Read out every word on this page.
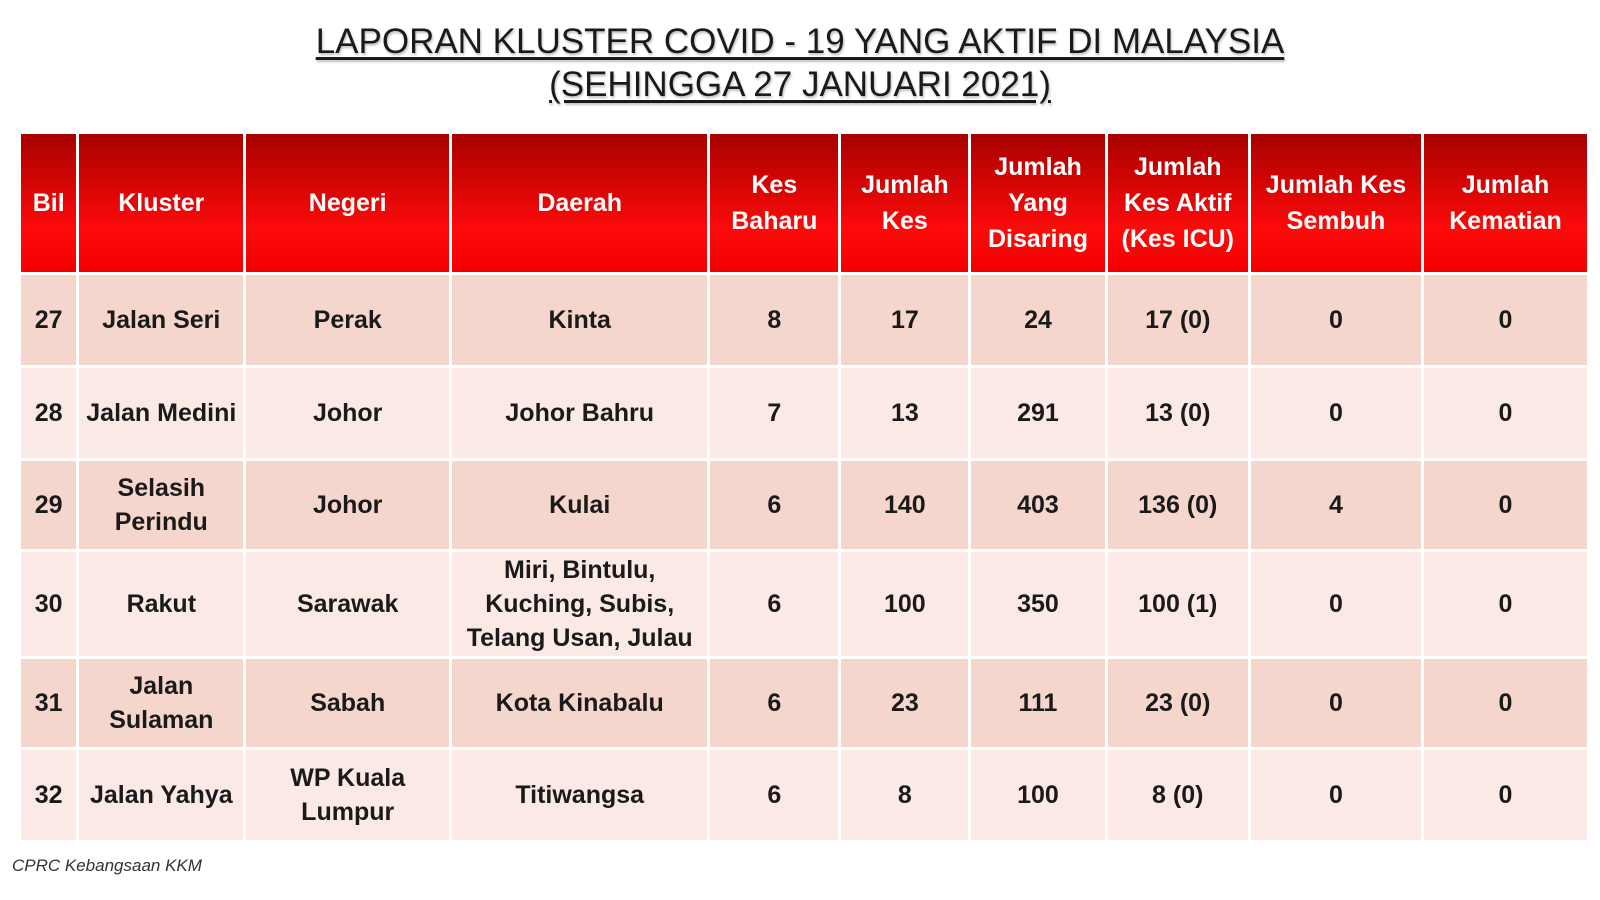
LAPORAN KLUSTER COVID - 19 YANG AKTIF DI MALAYSIA
(SEHINGGA 27 JANUARI 2021)
Bil	Kluster	Negeri	Daerah	Kes Baharu	Jumlah Kes	Jumlah Yang Disaring	Jumlah Kes Aktif (Kes ICU)	Jumlah Kes Sembuh	Jumlah Kematian
27	Jalan Seri	Perak	Kinta	8	17	24	17 (0)	0	0
28	Jalan Medini	Johor	Johor Bahru	7	13	291	13 (0)	0	0
29	Selasih Perindu	Johor	Kulai	6	140	403	136 (0)	4	0
30	Rakut	Sarawak	Miri, Bintulu, Kuching, Subis, Telang Usan, Julau	6	100	350	100 (1)	0	0
31	Jalan Sulaman	Sabah	Kota Kinabalu	6	23	111	23 (0)	0	0
32	Jalan Yahya	WP Kuala Lumpur	Titiwangsa	6	8	100	8 (0)	0	0
CPRC Kebangsaan KKM
